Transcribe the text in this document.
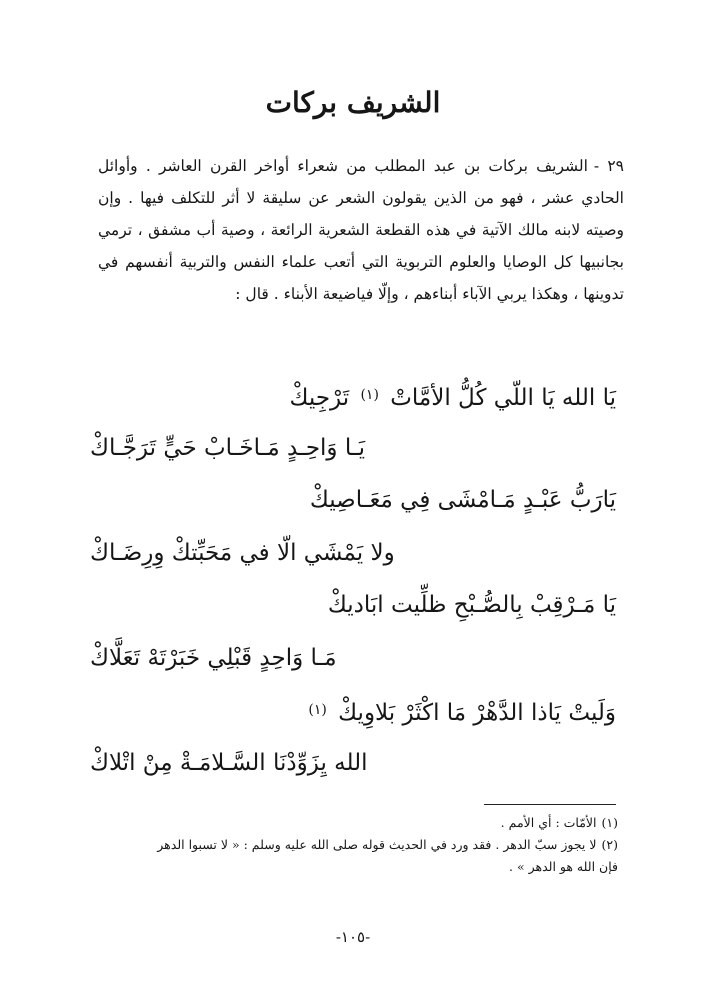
الشريف بركات
٢٩ -الشريف بركات بن عبد المطلب من شعراء أواخر القرن العاشر . وأوائل الحادي عشر ، فهو من الذين يقولون الشعر عن سليقة لا أثر للتكلف فيها . وإن وصيته لابنه مالك الآتية في هذه القطعة الشعرية الرائعة ، وصية أب مشفق ، ترمي بجانبيها كل الوصايا والعلوم التربوية التي أتعب علماء النفس والتربية أنفسهم في تدوينها ، وهكذا يربي الآباء أبناءهم ، وإلّا فياضيعة الأبناء . قال :
يَا الله يَا اللّي كُلُّ الأمَّاتْ $^{(١)}$ تَرْجِيكْ
يَـا وَاحِـدٍ مَـاخَـابْ حَيٍّ تَرَجَّـاكْ
يَارَبُّ عَبْـدٍ مَـامْشَى فِي مَعَـاصِيكْ
ولا يَمْشَي الّا في مَحَبِّتكْ وِرِضَـاكْ
يَا مَـرْقِبْ بِالصُّـبْحِ ظلِّيت ابَاديكْ
مَـا وَاحِدٍ قَبْلِي خَبَرْتَهْ تَعَلَّاكْ
وَلَيتْ يَاذا الدَّهْرْ مَا اكْثَرْ بَلاوِيكْ $^{(١)}$
الله يِزَوِّدْنَا السَّـلامَـةْ مِنْ اتْلاكْ
(١)الأمّات : أي الأمم .
(٢)لا يجوز سبّ الدهر . فقد ورد في الحديث قوله صلى الله عليه وسلم : « لا تسبوا الدهر
فإن الله هو الدهر » .
-١٠٥-
